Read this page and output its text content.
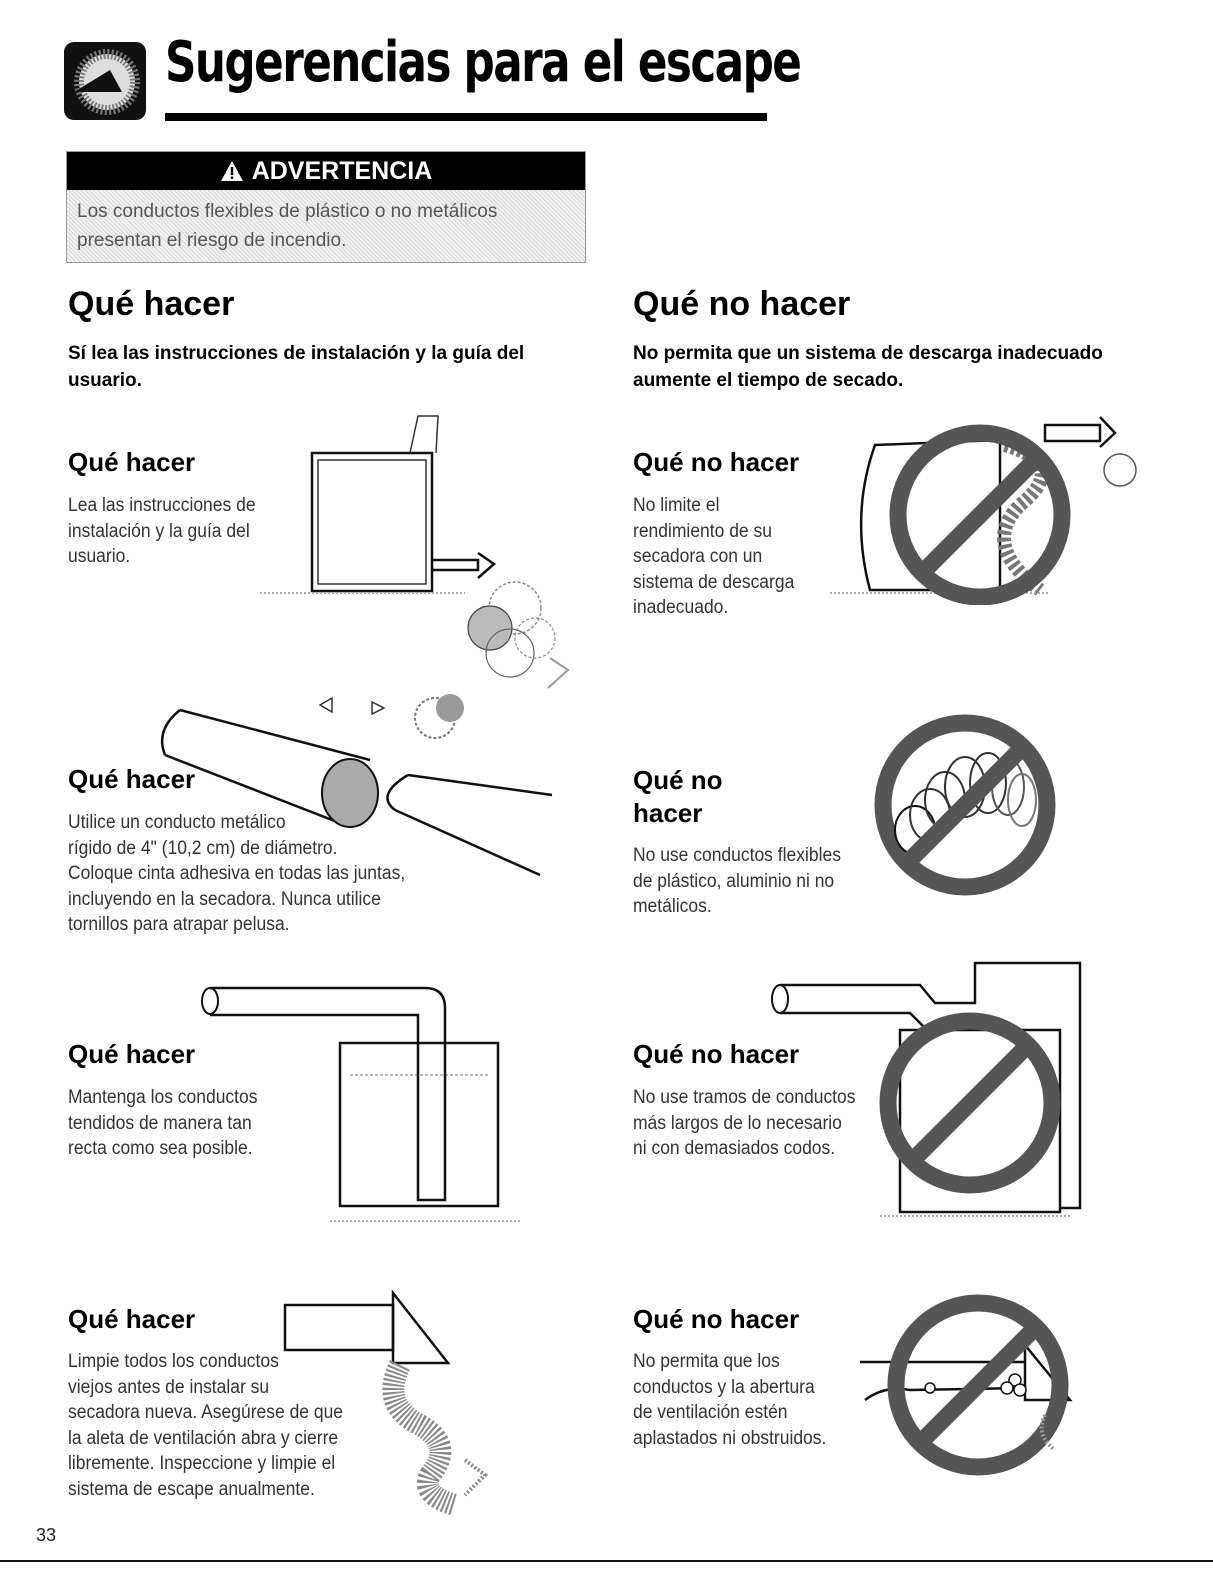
Sugerencias para el escape
ADVERTENCIA
Los conductos flexibles de plástico o no metálicos
presentan el riesgo de incendio.
Qué hacer
Sí lea las instrucciones de instalación y la guía del
usuario.
Qué no hacer
No permita que un sistema de descarga inadecuado
aumente el tiempo de secado.
Qué hacer
Lea las instrucciones de
instalación y la guía del
usuario.
Qué no hacer
No limite el
rendimiento de su
secadora con un
sistema de descarga
inadecuado.
Qué hacer
Utilice un conducto metálico
rígido de 4" (10,2 cm) de diámetro.
Coloque cinta adhesiva en todas las juntas,
incluyendo en la secadora. Nunca utilice
tornillos para atrapar pelusa.
Qué no
hacer
No use conductos flexibles
de plástico, aluminio ni no
metálicos.
Qué hacer
Mantenga los conductos
tendidos de manera tan
recta como sea posible.
Qué no hacer
No use tramos de conductos
más largos de lo necesario
ni con demasiados codos.
Qué hacer
Limpie todos los conductos
viejos antes de instalar su
secadora nueva. Asegúrese de que
la aleta de ventilación abra y cierre
libremente. Inspeccione y limpie el
sistema de escape anualmente.
Qué no hacer
No permita que los
conductos y la abertura
de ventilación estén
aplastados ni obstruidos.
33
